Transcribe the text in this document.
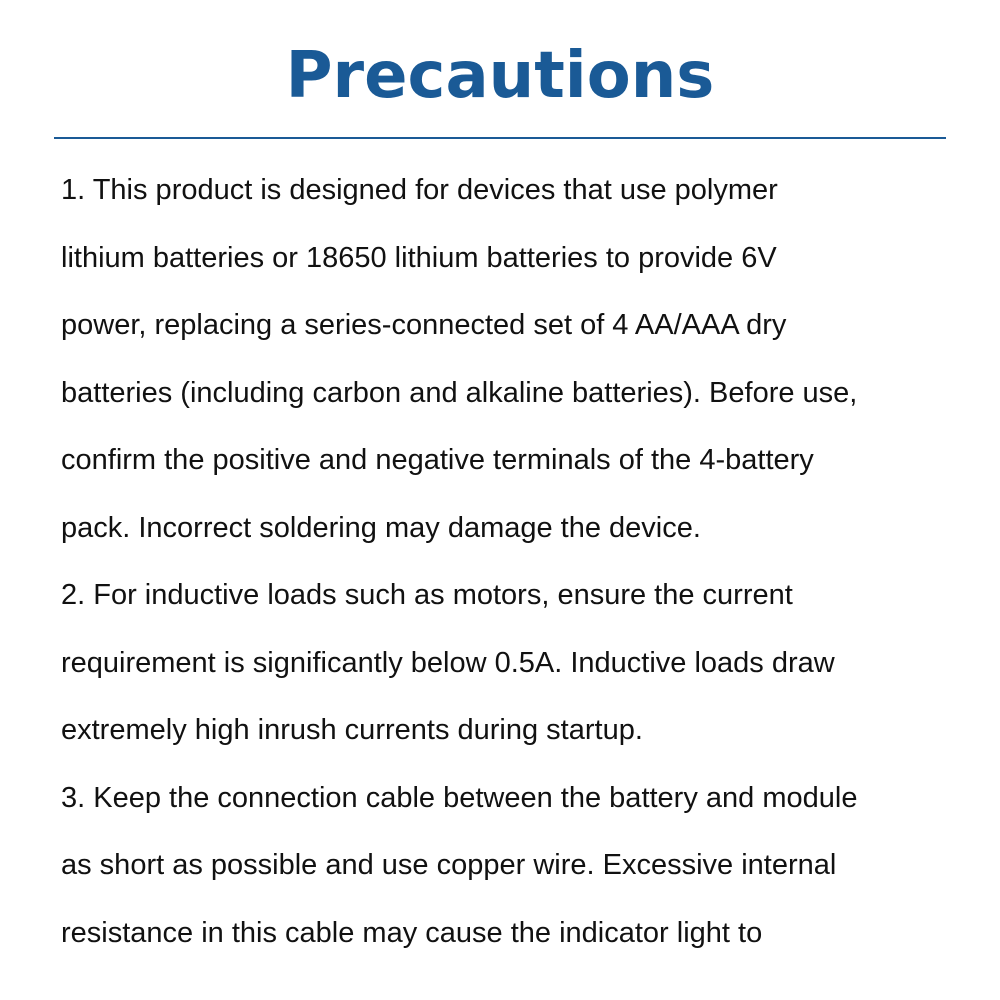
Precautions

1. This product is designed for devices that use polymer

lithium batteries or 18650 lithium batteries to provide 6V

power, replacing a series-connected set of 4 AA/AAA dry

batteries (including carbon and alkaline batteries). Before use,

confirm the positive and negative terminals of the 4-battery

pack. Incorrect soldering may damage the device.

2. For inductive loads such as motors, ensure the current

requirement is significantly below 0.5A. Inductive loads draw

extremely high inrush currents during startup.

3. Keep the connection cable between the battery and module

as short as possible and use copper wire. Excessive internal

resistance in this cable may cause the indicator light to
